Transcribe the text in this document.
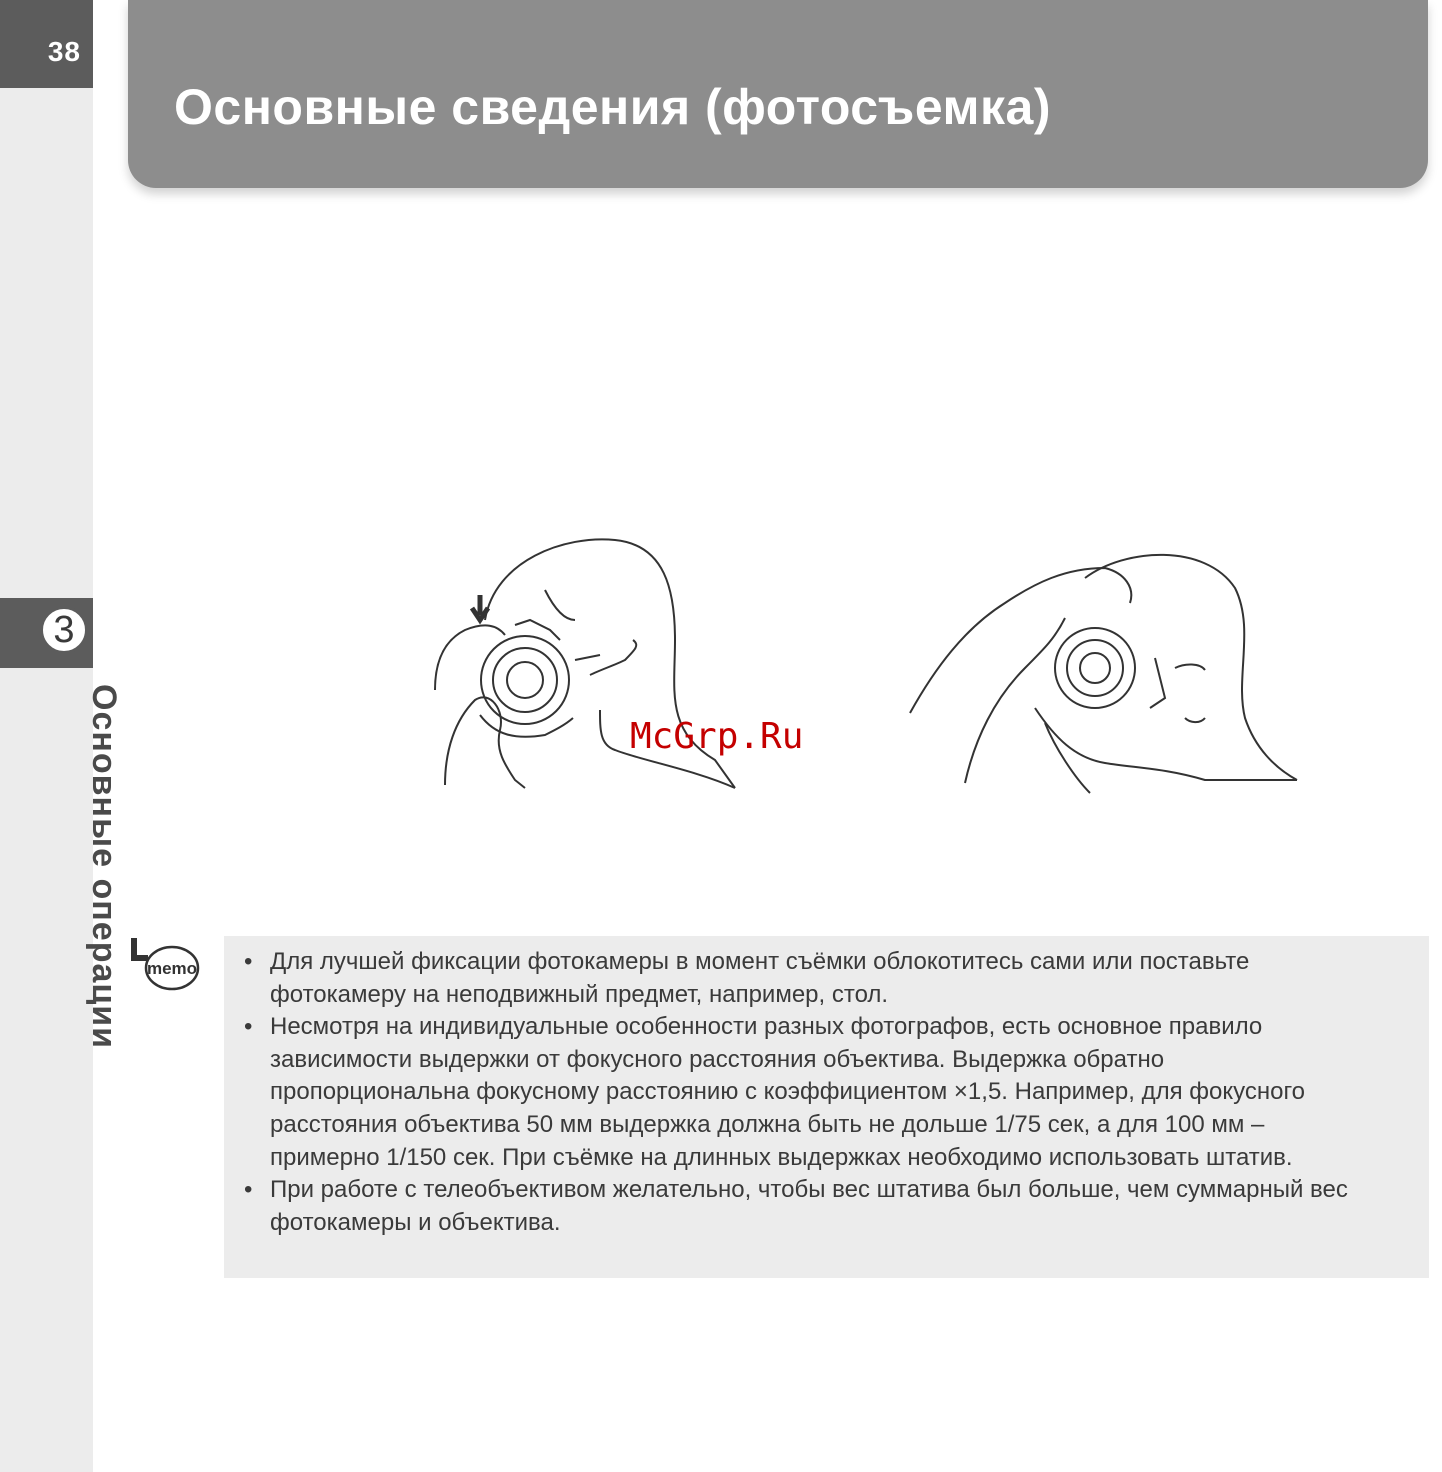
38
3
Основные операции
Основные сведения (фотосъемка)
McGrp.Ru
memo • Для лучшей фиксации фотокамеры в момент съёмки облокотитесь сами или поставьте фотокамеру на неподвижный предмет, например, стол.
• Несмотря на индивидуальные особенности разных фотографов, есть основное правило зависимости выдержки от фокусного расстояния объектива. Выдержка обратно пропорциональна фокусному расстоянию с коэффициентом ×1,5. Например, для фокусного расстояния объектива 50 мм выдержка должна быть не дольше 1/75 сек, а для 100 мм – примерно 1/150 сек. При съёмке на длинных выдержках необходимо использовать штатив.
• При работе с телеобъективом желательно, чтобы вес штатива был больше, чем суммарный вес фотокамеры и объектива.
